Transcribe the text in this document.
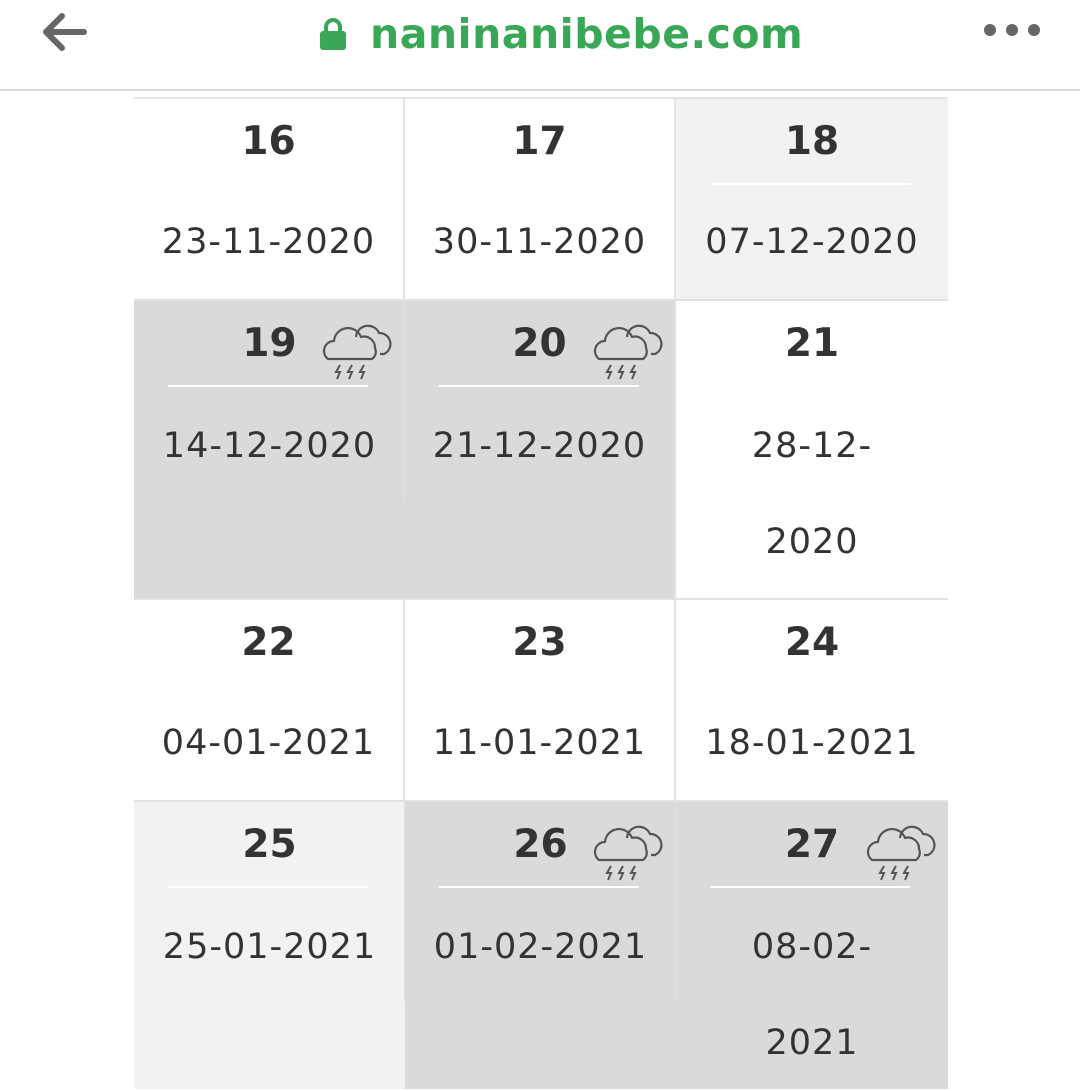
naninanibebe.com
16
23-11-2020
17
30-11-2020
18
07-12-2020
19
14-12-2020
20
21-12-2020
21
28-12-
2020
22
04-01-2021
23
11-01-2021
24
18-01-2021
25
25-01-2021
26
01-02-2021
27
08-02-
2021
